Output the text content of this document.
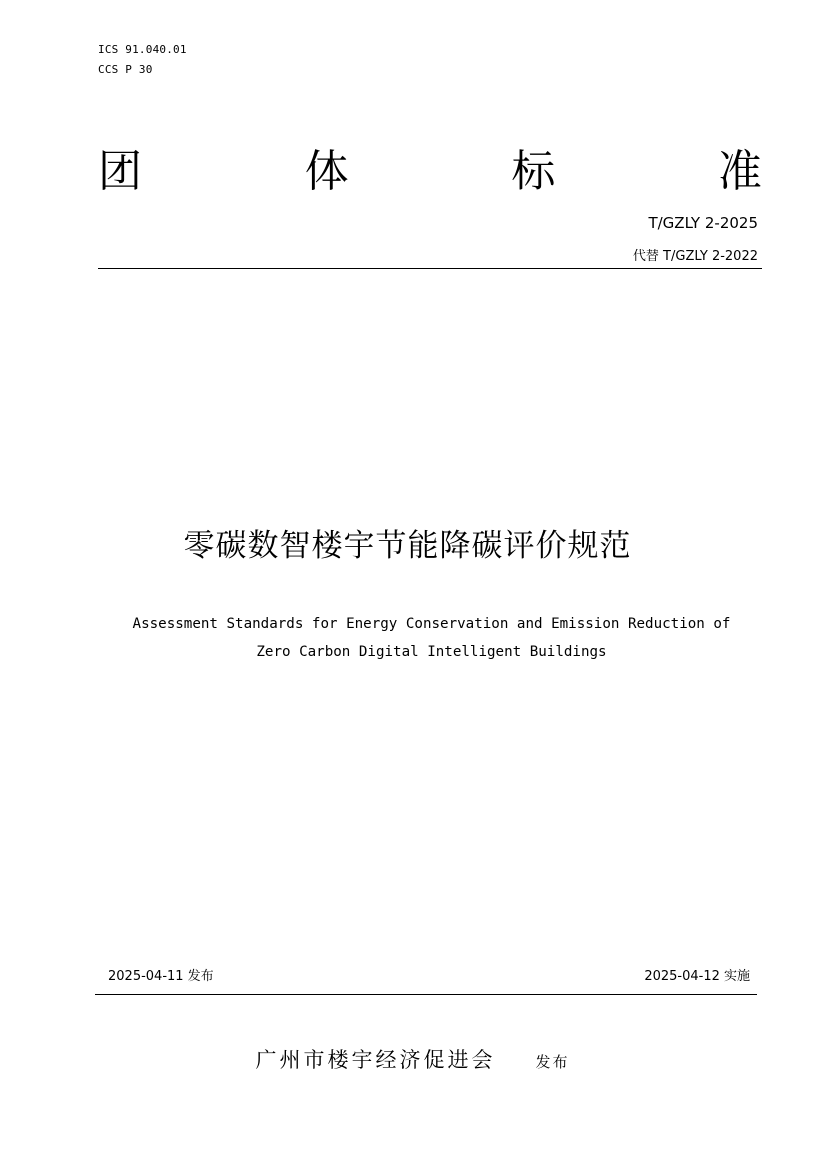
ICS 91.040.01
CCS P 30
团	体	标	准
T/GZLY 2-2025
代替 T/GZLY 2-2022
零碳数智楼宇节能降碳评价规范
Assessment Standards for Energy Conservation and Emission Reduction of
Zero Carbon Digital Intelligent Buildings
2025-04-11 发布	2025-04-12 实施
广州市楼宇经济促进会	发布
